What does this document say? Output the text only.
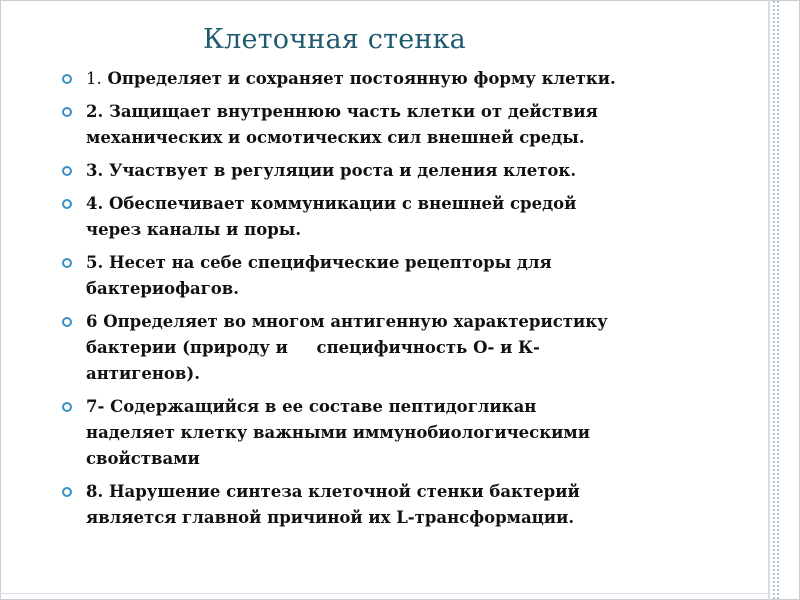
Клеточная стенка
1. Определяет и сохраняет постоянную форму клетки.
2. Защищает внутреннюю часть клетки от действия
механических и осмотических сил внешней среды.
3. Участвует в регуляции роста и деления клеток.
4. Обеспечивает коммуникации с внешней средой
через каналы и поры.
5. Несет на себе специфические рецепторы для
бактериофагов.
6 Определяет во многом антигенную характеристику
бактерии (природу и     специфичность О- и К-
антигенов).
7- Содержащийся в ее составе пептидогликан
наделяет клетку важными иммунобиологическими
свойствами
8. Нарушение синтеза клеточной стенки бактерий
является главной причиной их L-трансформации.
